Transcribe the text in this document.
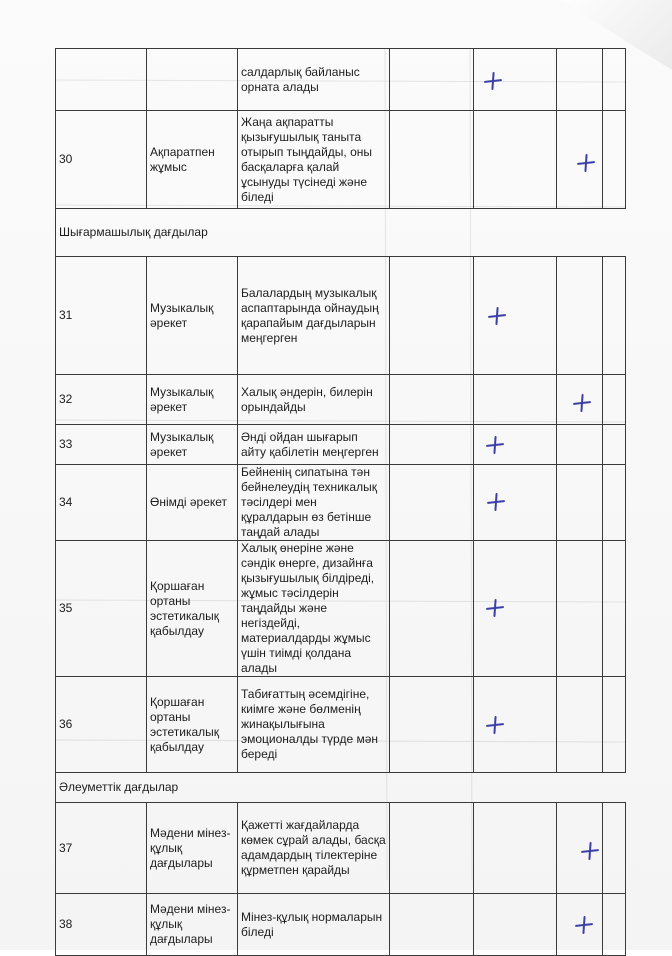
		салдарлық байланыс орната алады		

30	Ақпаратпен жұмыс	Жаңа ақпаратты қызығушылық таныта отырып тыңдайды, оны басқаларға қалай ұсынуды түсінеді және біледі			

Шығармашылық дағдылар						
31	Музыкалық әрекет	Балалардың музыкалық аспаптарында ойнаудың қарапайым дағдыларын меңгерген		

32	Музыкалық әрекет	Халық әндерін, билерін орындайды			

33	Музыкалық әрекет	Әнді ойдан шығарып айту қабілетін меңгерген		

34	Өнімді әрекет	Бейненің сипатына тән бейнелеудің техникалық тәсілдері мен құралдарын өз бетінше таңдай алады		

35	Қоршаған ортаны эстетикалық қабылдау	Халық өнеріне және сәндік өнерге, дизайнға қызығушылық білдіреді, жұмыс тәсілдерін таңдайды және негіздейді, материалдарды жұмыс үшін тиімді қолдана алады		

36	Қоршаған ортаны эстетикалық қабылдау	Табиғаттың әсемдігіне, киімге және бөлменің жинақылығына эмоционалды түрде мән береді		

Әлеуметтік дағдылар						
37	Мәдени мінез-құлық дағдылары	Қажетті жағдайларда көмек сұрай алады, басқа адамдардың тілектеріне құрметпен қарайды			

38	Мәдени мінез-құлық дағдылары	Мінез-құлық нормаларын біледі			
